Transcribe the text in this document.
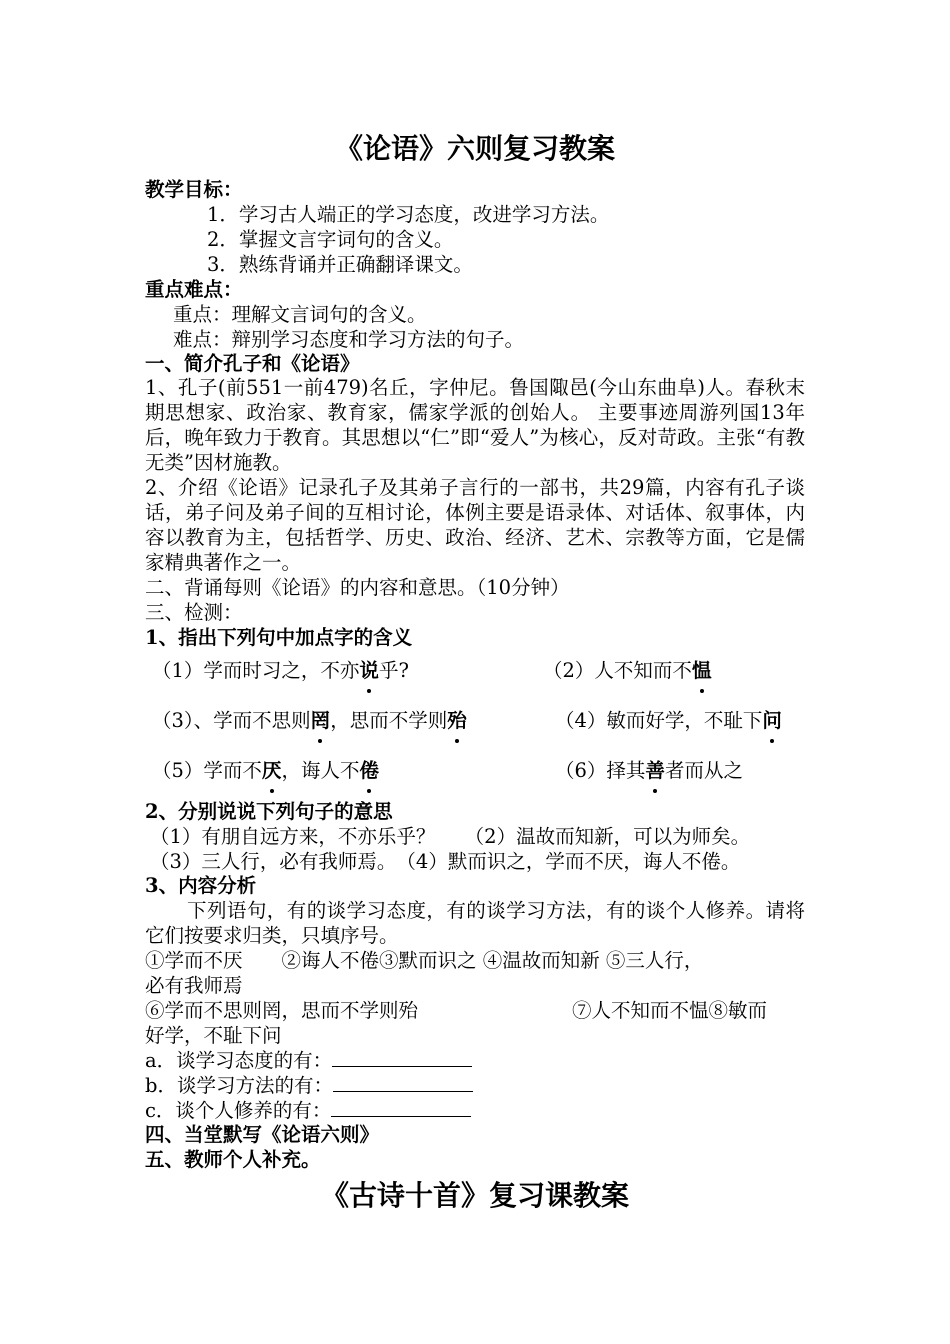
《论语》六则复习教案
教学目标：
1．学习古人端正的学习态度，改进学习方法。
2．掌握文言字词句的含义。
3．熟练背诵并正确翻译课文。
重点难点：
重点：理解文言词句的含义。
难点：辩别学习态度和学习方法的句子。
一、简介孔子和《论语》
1、孔子(前551一前479)名丘，字仲尼。鲁国陬邑(今山东曲阜)人。春秋末期思想家、政治家、教育家，儒家学派的创始人。 主要事迹周游列国13年后，晚年致力于教育。其思想以“仁”即“爱人”为核心，反对苛政。主张“有教无类”因材施教。
2、介绍《论语》记录孔子及其弟子言行的一部书，共29篇，内容有孔子谈话，弟子问及弟子间的互相讨论，体例主要是语录体、对话体、叙事体，内容以教育为主，包括哲学、历史、政治、经济、艺术、宗教等方面，它是儒家精典著作之一。
二、背诵每则《论语》的内容和意思。（10分钟）
三、检测：
1、指出下列句中加点字的含义
（1）学而时习之，不亦说乎?	（2）人不知而不愠
（3）、学而不思则罔，思而不学则殆	（4）敏而好学，不耻下问
（5）学而不厌，诲人不倦	（6）择其善者而从之
2、分别说说下列句子的意思
（1）有朋自远方来，不亦乐乎？　　（2）温故而知新，可以为师矣。
（3）三人行，必有我师焉。　（4）默而识之，学而不厌，诲人不倦。
3、内容分析
下列语句，有的谈学习态度，有的谈学习方法，有的谈个人修养。请将它们按要求归类，只填序号。
①学而不厌　　②诲人不倦③默而识之 ④温故而知新 ⑤三人行，
必有我师焉
⑥学而不思则罔，思而不学则殆	⑦人不知而不愠⑧敏而
好学，不耻下问
a．谈学习态度的有：
b．谈学习方法的有：
c．谈个人修养的有：
四、当堂默写《论语六则》
五、教师个人补充。
《古诗十首》复习课教案
